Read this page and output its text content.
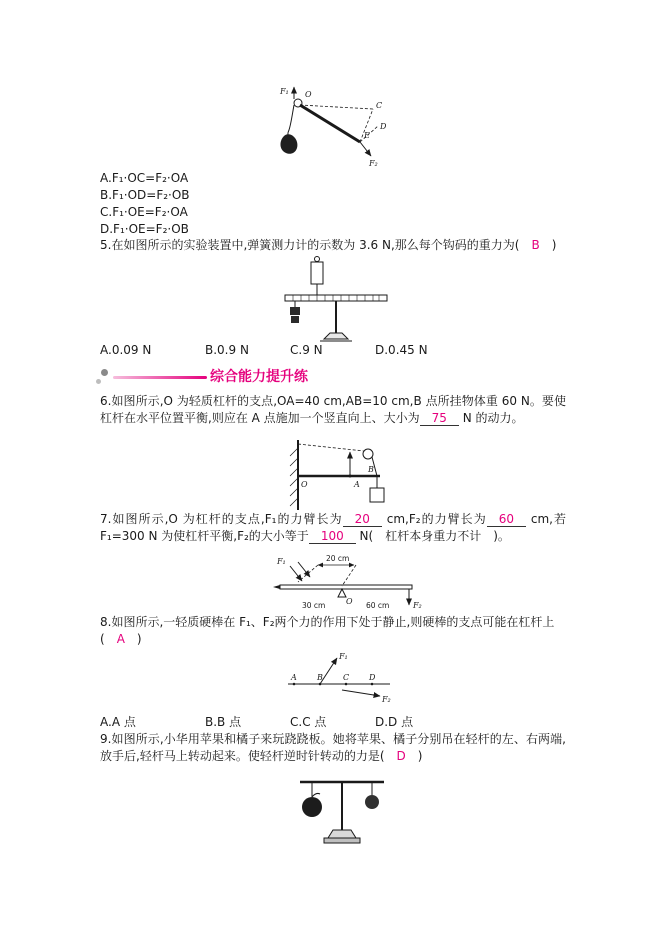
F₁ O
C
D
E
F₂
A.F₁·OC=F₂·OA
B.F₁·OD=F₂·OB
C.F₁·OE=F₂·OA
D.F₁·OE=F₂·OB

5.在如图所示的实验装置中,弹簧测力计的示数为 3.6 N,那么每个钩码的重力为(　B　)

A.0.09 N	B.0.9 N	C.9 N	D.0.45 N
综合能力提升练

6.如图所示,O 为轻质杠杆的支点,OA=40 cm,AB=10 cm,B 点所挂物体重 60 N。要使杠杆在水平位置平衡,则应在 A 点施加一个竖直向上、大小为 75 N 的动力。

O	A
B

7.如图所示,O 为杠杆的支点,F₁的力臂长为 20 cm,F₂的力臂长为 60 cm,若 F₁=300 N 为使杠杆平衡,F₂的大小等于 100 N(　杠杆本身重力不计　)。

20 cm
F₁
O
30 cm	60 cm	F₂

8.如图所示,一轻质硬棒在 F₁、F₂两个力的作用下处于静止,则硬棒的支点可能在杠杆上
(　A　)

A	B	C D
F₁
F₂
A.A 点	B.B 点	C.C 点	D.D 点

9.如图所示,小华用苹果和橘子来玩跷跷板。她将苹果、橘子分别吊在轻杆的左、右两端,放手后,轻杆马上转动起来。使轻杆逆时针转动的力是(　D　)
